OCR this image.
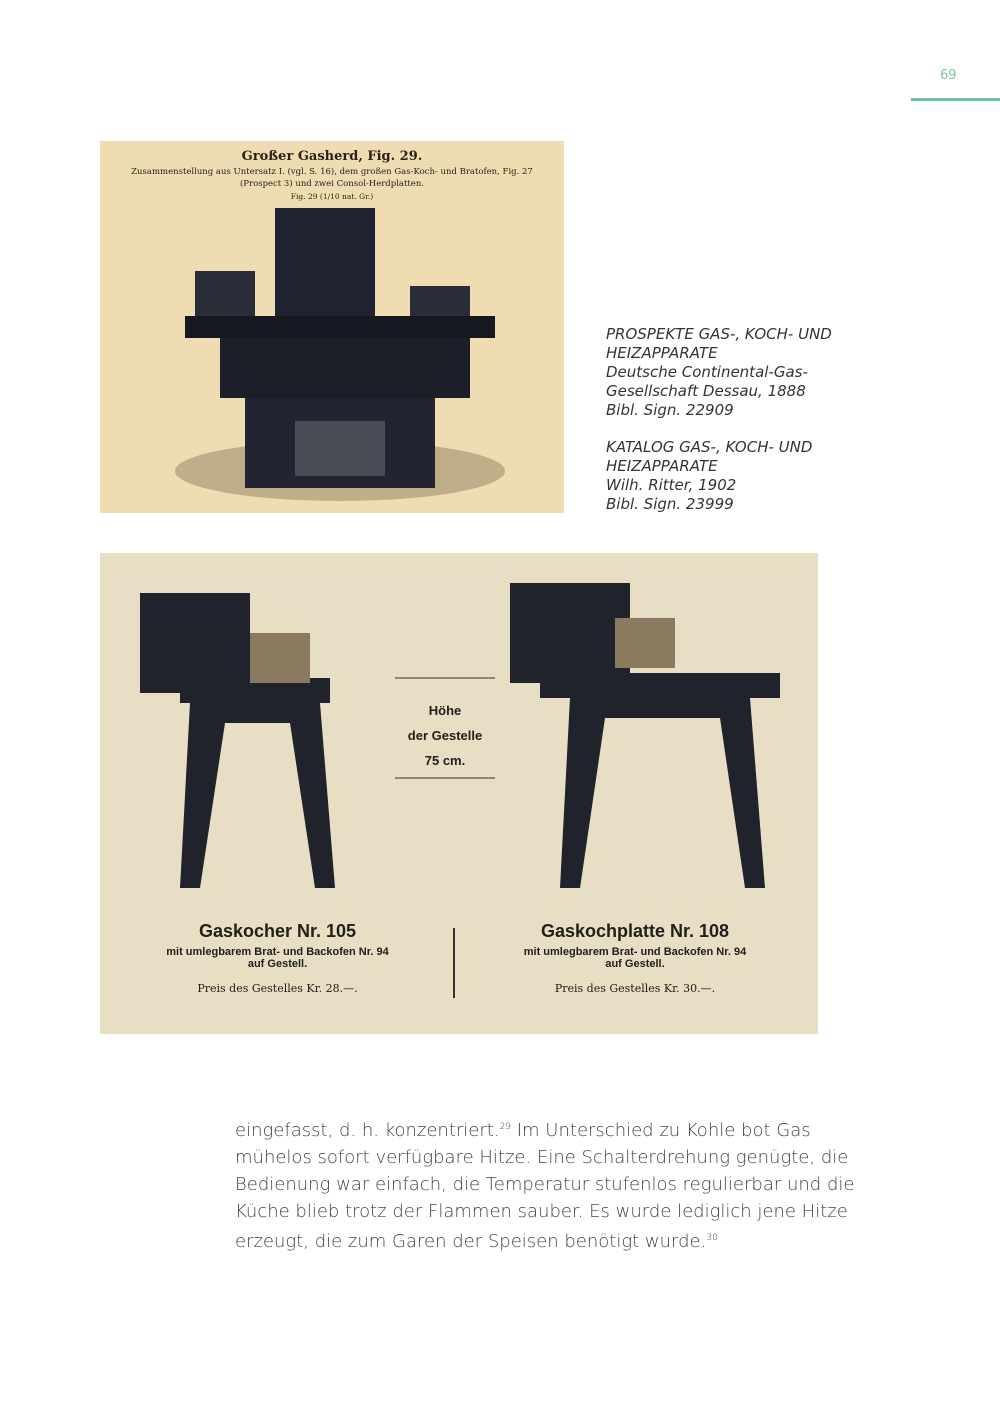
69
Großer Gasherd, Fig. 29.
Zusammenstellung aus Untersatz I. (vgl. S. 16), dem großen Gas-Koch- und Bratofen, Fig. 27
(Prospect 3) und zwei Consol-Herdplatten.
Fig. 29 (1/10 nat. Gr.)

PROSPEKTE GAS-, KOCH- UND
HEIZAPPARATE
Deutsche Continental-Gas-
Gesellschaft Dessau, 1888
Bibl. Sign. 22909

KATALOG GAS-, KOCH- UND
HEIZAPPARATE
Wilh. Ritter, 1902
Bibl. Sign. 23999

Höhe
der Gestelle
75 cm.
Gaskocher Nr. 105
mit umlegbarem Brat- und Backofen Nr. 94
auf Gestell.
Preis des Gestelles Kr. 28.—.
Gaskochplatte Nr. 108
mit umlegbarem Brat- und Backofen Nr. 94
auf Gestell.
Preis des Gestelles Kr. 30.—.
eingefasst, d. h. konzentriert.$^{29}$ Im Unterschied zu Kohle bot Gas mühelos sofort verfügbare Hitze. Eine Schalterdrehung genügte, die Bedienung war einfach, die Temperatur stufenlos regulierbar und die Küche blieb trotz der Flammen sauber. Es wurde lediglich jene Hitze erzeugt, die zum Garen der Speisen benötigt wurde.$^{30}$
